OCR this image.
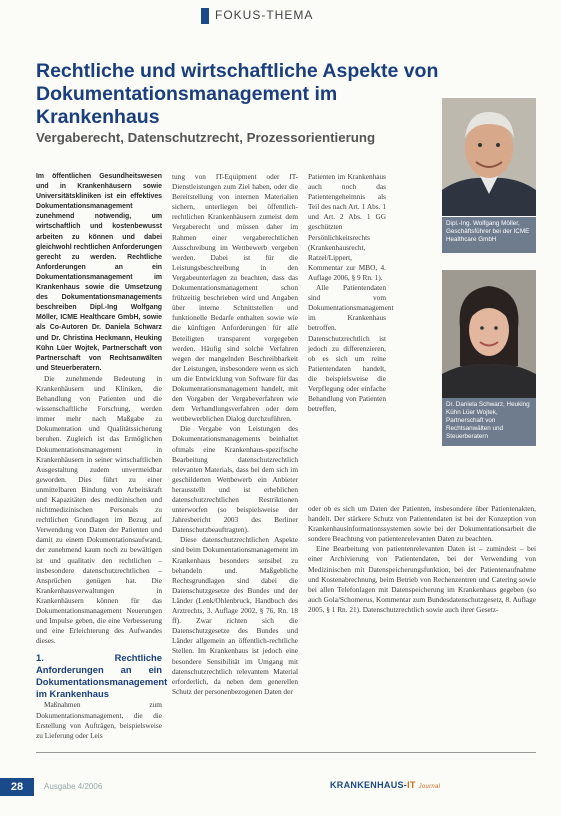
FOKUS-THEMA
Rechtliche und wirtschaftliche Aspekte von
Dokumentationsmanagement im Krankenhaus
Vergaberecht, Datenschutzrecht, Prozessorientierung

Im öffentlichen Gesundheitswesen und in Krankenhäusern sowie Universitätskliniken ist ein effektives Dokumentationsmanagement zunehmend notwendig, um wirtschaftlich und kostenbewusst arbeiten zu können und dabei gleichwohl rechtlichen Anforderungen gerecht zu werden. Rechtliche Anforderungen an ein Dokumentationsmanagement im Krankenhaus sowie die Umsetzung des Dokumentationsmanagements beschreiben Dipl.-Ing Wolfgang Möller, ICME Healthcare GmbH, sowie als Co-Autoren Dr. Daniela Schwarz und Dr. Christina Heckmann, Heuking Kühn Lüer Wojtek, Partnerschaft von Partnerschaft von Rechtsanwälten und Steuerberatern.

Die zunehmende Bedeutung in Krankenhäusern und Kliniken, die Behandlung von Patienten und die wissenschaftliche Forschung, werden immer mehr nach Maßgabe zu Dokumentation und Qualitätssicherung beruhen. Zugleich ist das Ermöglichen Dokumentationsmanagement in Krankenhäusern in seiner wirtschaftlichen Ausgestaltung zudem unvermeidbar geworden. Dies führt zu einer unmittelbaren Bindung von Arbeitskraft und Kapazitäten des medizinischen und nichtmedizinischen Personals zu rechtlichen Grundlagen im Bezug auf Verwendung von Daten der Patienten und damit zu einem Dokumentationsaufwand, der zunehmend kaum noch zu bewältigen ist und qualitativ den rechtlichen – insbesondere datenschutzrechtlichen – Ansprüchen genügen hat. Die Krankenhausverwaltungen in Krankenhäusern können für das Dokumentationsmanagement Neuerungen und Impulse geben, die eine Verbesserung und eine Erleichterung des Aufwandes dieses.

1. Rechtliche Anforderungen an ein Dokumentationsmanagement im Krankenhaus

Maßnahmen zum Dokumentationsmanagement, die die Erstellung von Aufträgen, beispielsweise zu Lieferung oder Leis

tung von IT-Equipment oder IT-Dienstleistungen zum Ziel haben, oder die Bereitstellung von internen Materialien sichern, unterliegen bei öffentlich-rechtlichen Krankenhäusern zumeist dem Vergaberecht und müssen daher im Rahmen einer vergaberechtlichen Ausschreibung im Wettbewerb vergeben werden. Dabei ist für die Leistungsbeschreibung in den Vergabeunterlagen zu beachten, dass das Dokumentationsmanagement schon frühzeitig beschrieben wird und Angaben über interne Schnittstellen und funktionelle Bedarfe enthalten sowie wie die künftigen Anforderungen für alle Beteiligten transparent vorgegeben werden. Häufig sind solche Verfahren wegen der mangelnden Beschreibbarkeit der Leistungen, insbesondere wenn es sich um die Entwicklung von Software für das Dokumentationsmanagement handelt, mit den Vorgaben der Vergabeverfahren wie dem Verhandlungsverfahren oder dem wettbewerblichen Dialog durchzuführen.

Die Vergabe von Leistungen des Dokumentationsmanagements beinhaltet oftmals eine Krankenhaus-spezifische Bearbeitung datenschutzrechtlich relevanten Materials, dass bei dem sich im geschilderten Wettbewerb ein Anbieter herausstellt und ist erheblichen datenschutzrechtlichen Restriktionen unterworfen (so beispielsweise der Jahresbericht 2003 des Berliner Datenschutzbeauftragten).

Diese datenschutzrechtlichen Aspekte sind beim Dokumentationsmanagement im Krankenhaus besonders sensibel zu behandeln und. Maßgebliche Rechtsgrundlagen sind dabei die Datenschutzgesetze des Bundes und der Länder (Lenk/Ohlenbruck, Handbuch des Arztrechts, 3. Auflage 2002, § 76, Rn. 18 ff). Zwar richten sich die Datenschutzgesetze des Bundes und Länder allgemein an öffentlich-rechtliche Stellen. Im Krankenhaus ist jedoch eine besondere Sensibilität im Umgang mit datenschutzrechtlich relevantem Material erforderlich, da neben dem generellen Schutz der personenbezogenen Daten der

Patienten im Krankenhaus auch noch das Patientengeheimnis als Teil des nach Art. 1 Abs. 1 und Art. 2 Abs. 1 GG geschützten Persönlichkeitsrechts (Krankenhausrecht, Ratzel/Lippert, Kommentar zur MBO, 4. Auflage 2006, § 9 Rn. 1).

Alle Patientendaten sind vom Dokumentationsmanagement im Krankenhaus betroffen. Datenschutzrechtlich ist jedoch zu differenzieren, ob es sich um reine Patientendaten handelt, die beispielsweise die Verpflegung oder einfache Behandlung von Patienten betreffen,

oder ob es sich um Daten der Patienten, insbesondere über Patientenakten, handelt. Der stärkere Schutz von Patientendaten ist bei der Konzeption von Krankenhausinformationssystemen sowie bei der Dokumentationsarbeit die sondere Beachtung von patientenrelevanten Daten zu beachten.

Eine Bearbeitung von patientenrelevanten Daten ist – zumindest – bei einer Archivierung von Patientendaten, bei der Verwendung von Medizinischen mit Datenspeicherungsfunktion, bei der Patientenaufnahme und Kostenabrechnung, beim Betrieb von Rechenzentren und Catering sowie bei allen Telefonlagen mit Datenspeicherung im Krankenhaus gegeben (so auch Gola/Schomerus, Kommentar zum Bundesdatenschutzgesetz, 8. Auflage 2005, § 1 Rn. 21). Datenschutzrechtlich sowie auch ihrer Gesetz-

Dipl.-Ing. Wolfgang Möller, Geschäftsführer bei der ICME Healthcare GmbH
Dr. Daniela Schwarz, Heuking Kühn Lüer Wojtek, Partnerschaft von Rechtsanwälten und Steuerberatern
28	Ausgabe 4/2006	KRANKENHAUS-IT Journal
